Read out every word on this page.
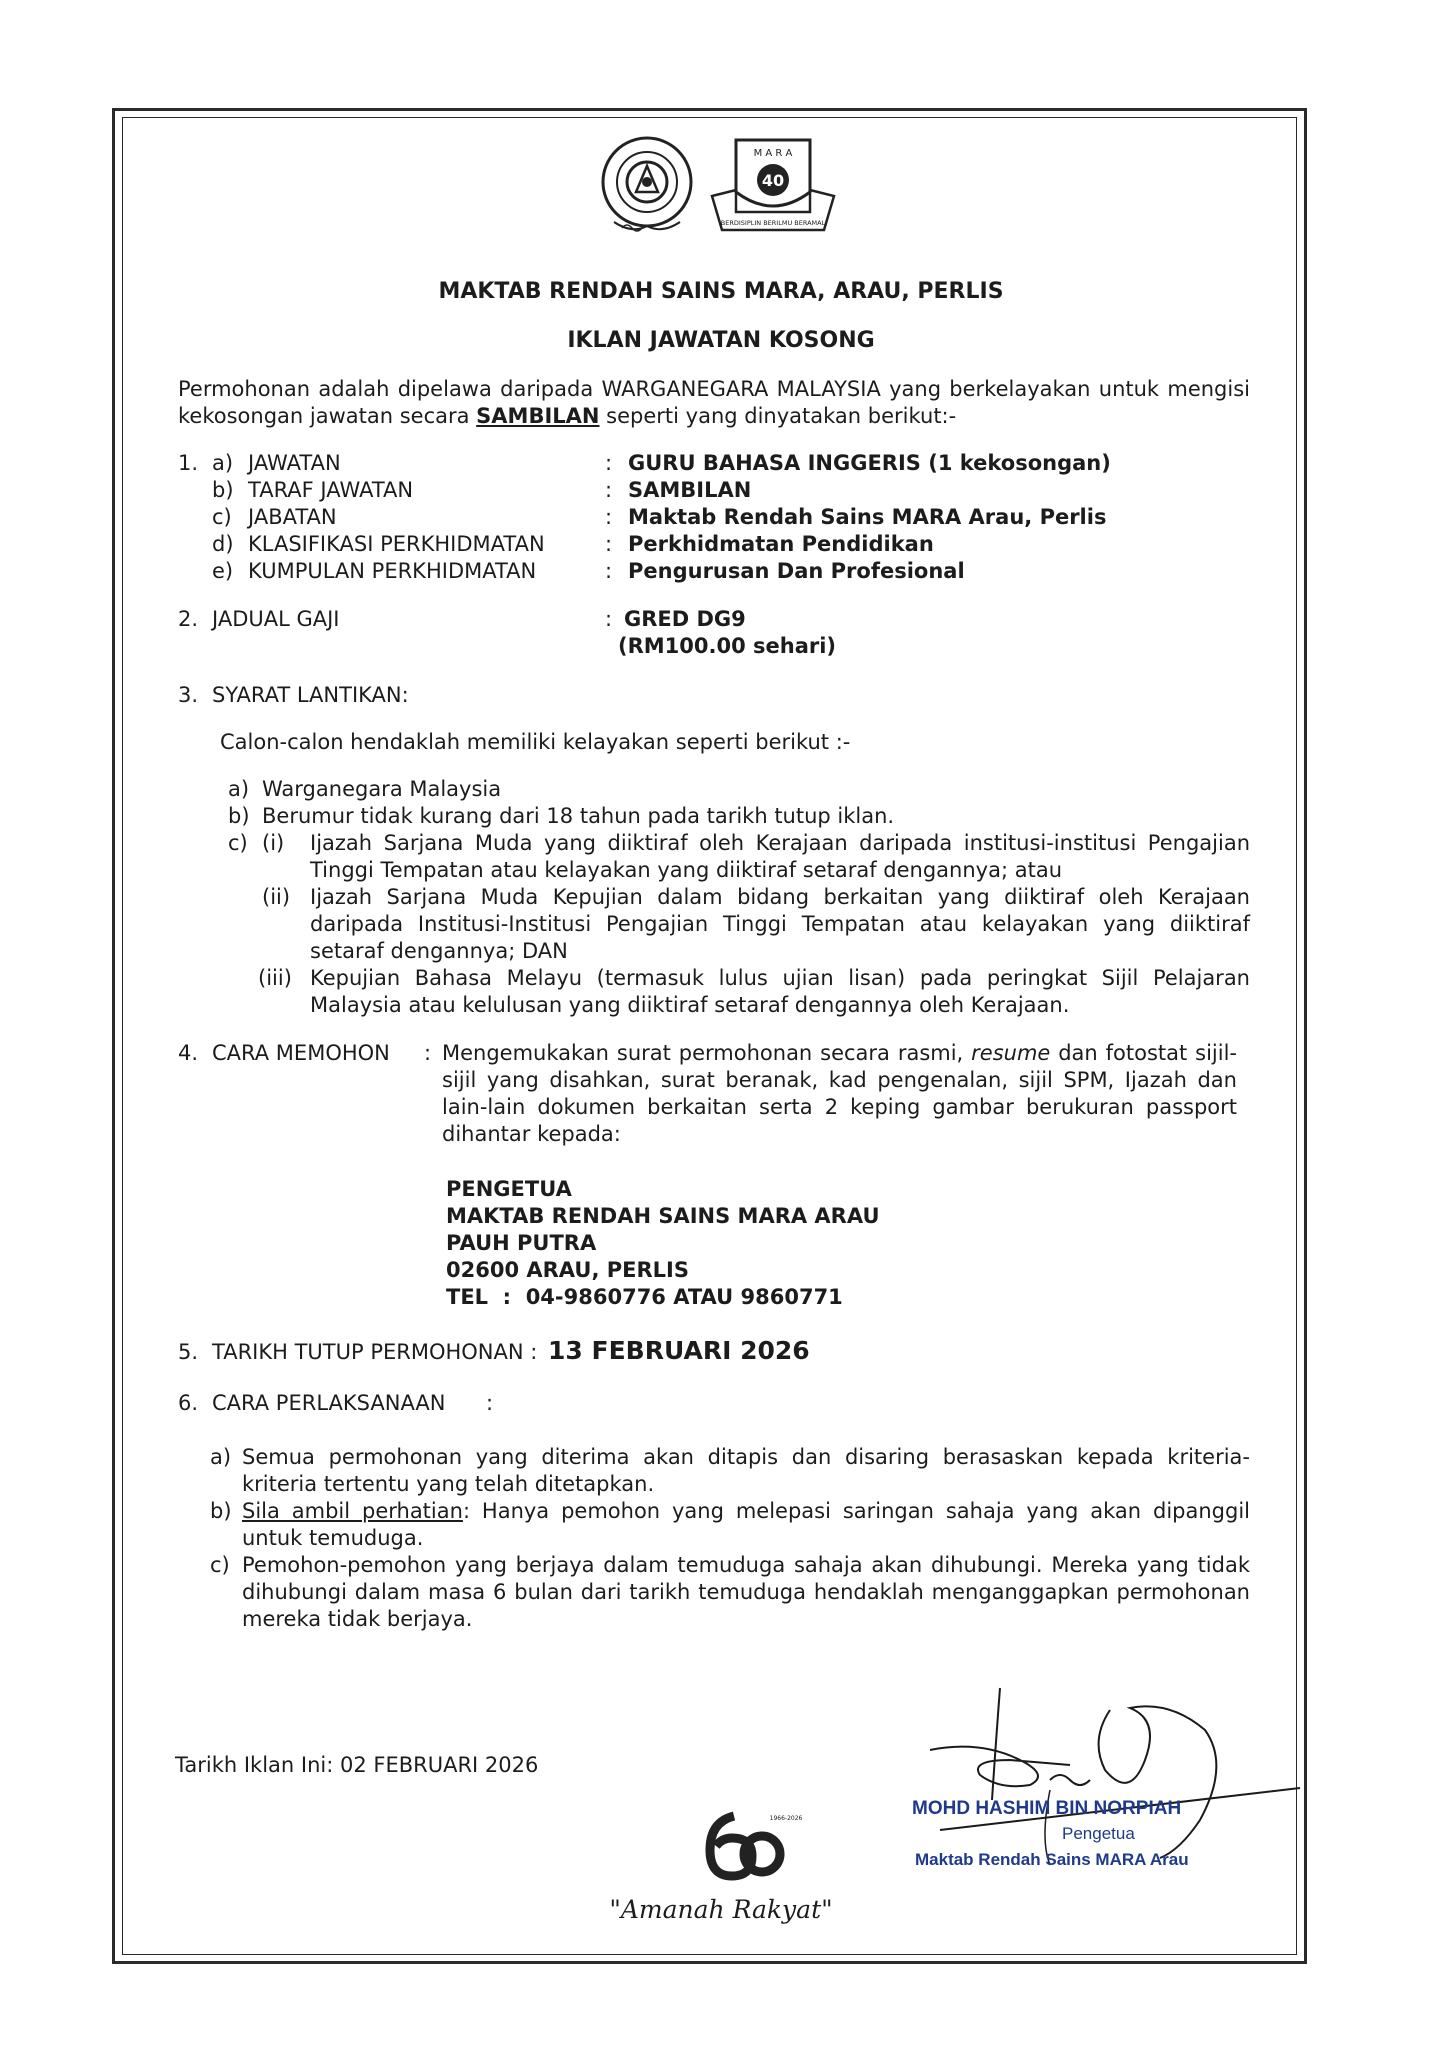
M A R A
40
BERDISIPLIN BERILMU BERAMAL
MAKTAB RENDAH SAINS MARA, ARAU, PERLIS
IKLAN JAWATAN KOSONG
Permohonan adalah dipelawa daripada WARGANEGARA MALAYSIA yang berkelayakan untuk mengisi kekosongan jawatan secara SAMBILAN seperti yang dinyatakan berikut:-
1. a) JAWATAN	: GURU BAHASA INGGERIS (1 kekosongan)
b) TARAF JAWATAN	: SAMBILAN
c) JABATAN	: Maktab Rendah Sains MARA Arau, Perlis
d) KLASIFIKASI PERKHIDMATAN	: Perkhidmatan Pendidikan
e) KUMPULAN PERKHIDMATAN	: Pengurusan Dan Profesional
2. JADUAL GAJI	: GRED DG9
(RM100.00 sehari)
3. SYARAT LANTIKAN:
Calon-calon hendaklah memiliki kelayakan seperti berikut :-
a) Warganegara Malaysia
b) Berumur tidak kurang dari 18 tahun pada tarikh tutup iklan.
c) (i) Ijazah Sarjana Muda yang diiktiraf oleh Kerajaan daripada institusi-institusi Pengajian Tinggi Tempatan atau kelayakan yang diiktiraf setaraf dengannya; atau
(ii) Ijazah Sarjana Muda Kepujian dalam bidang berkaitan yang diiktiraf oleh Kerajaan daripada Institusi-Institusi Pengajian Tinggi Tempatan atau kelayakan yang diiktiraf setaraf dengannya; DAN
(iii) Kepujian Bahasa Melayu (termasuk lulus ujian lisan) pada peringkat Sijil Pelajaran Malaysia atau kelulusan yang diiktiraf setaraf dengannya oleh Kerajaan.
4. CARA MEMOHON : Mengemukakan surat permohonan secara rasmi, resume dan fotostat sijil-sijil yang disahkan, surat beranak, kad pengenalan, sijil SPM, Ijazah dan lain-lain dokumen berkaitan serta 2 keping gambar berukuran passport dihantar kepada:
PENGETUA
MAKTAB RENDAH SAINS MARA ARAU
PAUH PUTRA
02600 ARAU, PERLIS
TEL  :  04-9860776 ATAU 9860771
5. TARIKH TUTUP PERMOHONAN : 13 FEBRUARI 2026
6. CARA PERLAKSANAAN :
a) Semua permohonan yang diterima akan ditapis dan disaring berasaskan kepada kriteria-kriteria tertentu yang telah ditetapkan.
b) Sila ambil perhatian: Hanya pemohon yang melepasi saringan sahaja yang akan dipanggil untuk temuduga.
c) Pemohon-pemohon yang berjaya dalam temuduga sahaja akan dihubungi. Mereka yang tidak dihubungi dalam masa 6 bulan dari tarikh temuduga hendaklah menganggapkan permohonan mereka tidak berjaya.
Tarikh Iklan Ini: 02 FEBRUARI 2026
1966-2026
"Amanah Rakyat"
MOHD HASHIM BIN NORPIAH
Pengetua
Maktab Rendah Sains MARA Arau
